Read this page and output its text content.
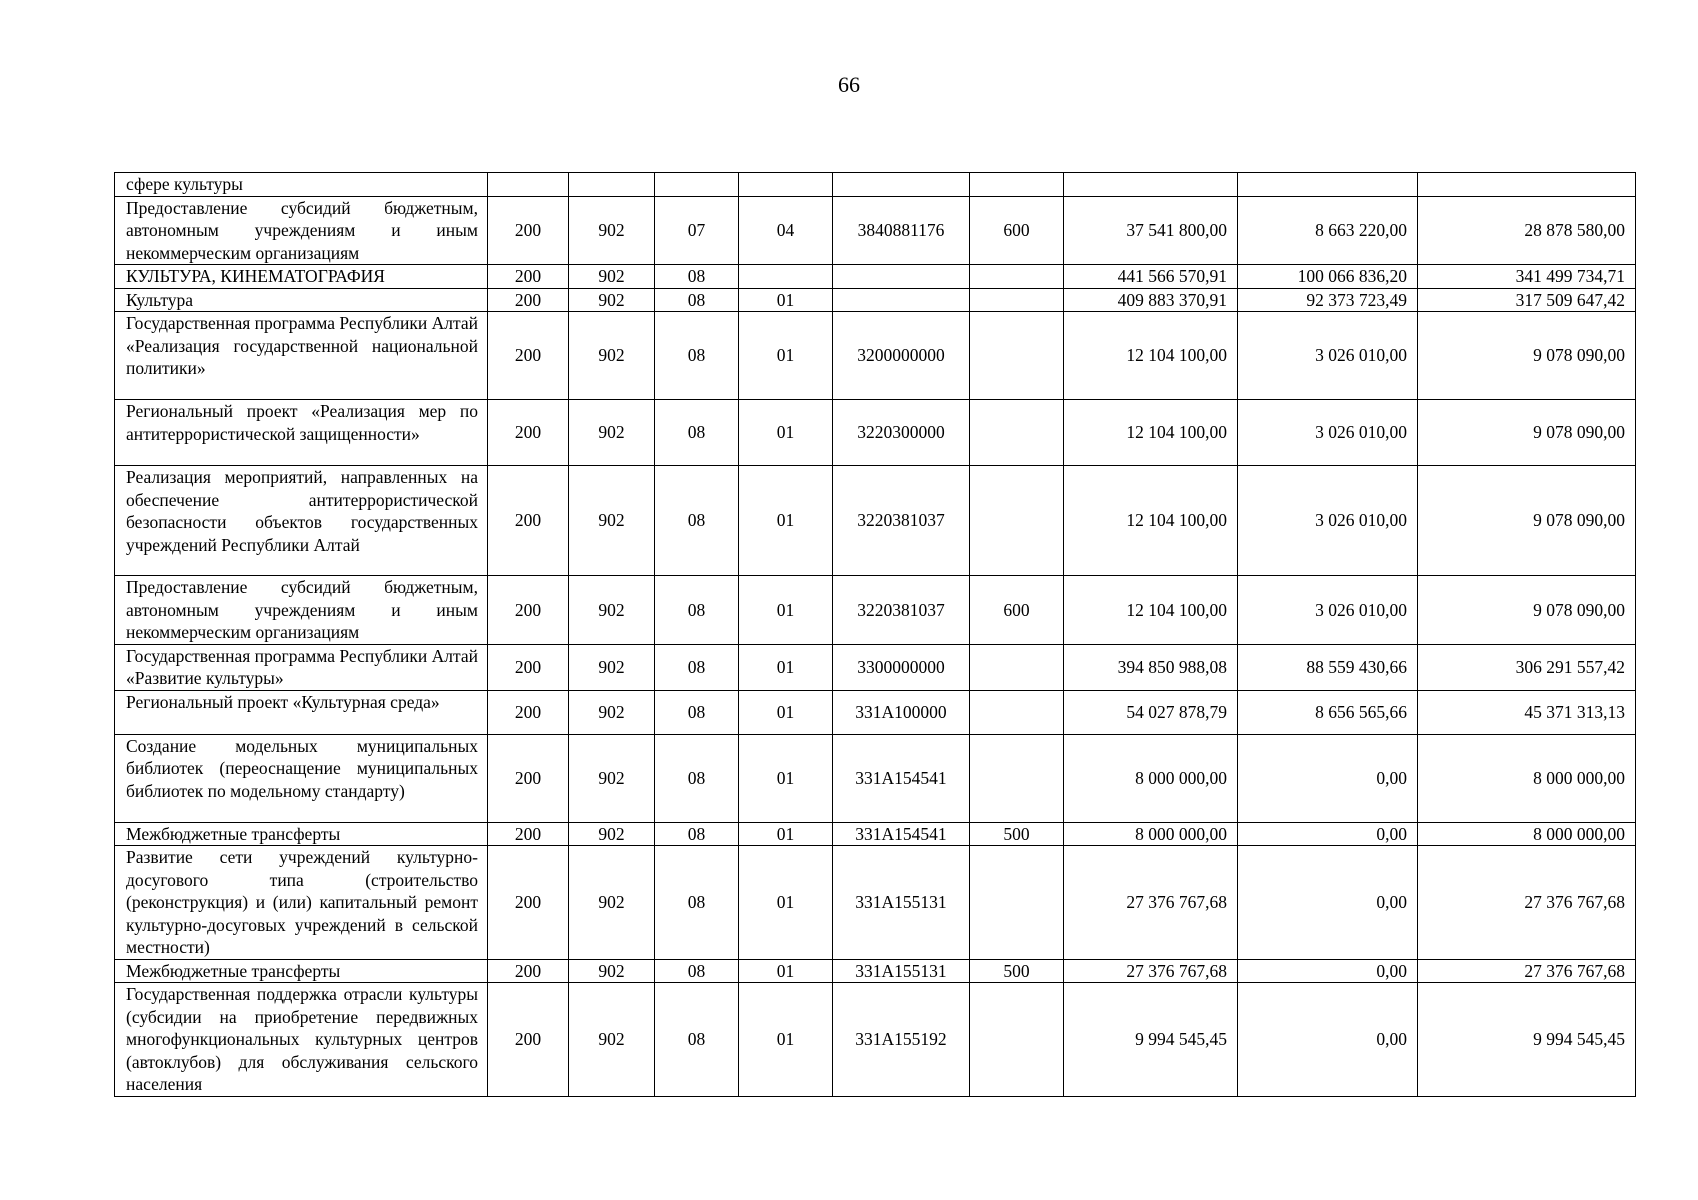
66
сфере культуры									
Предоставление субсидий бюджетным, автономным учреждениям и иным некоммерческим организациям	200	902	07	04	3840881176	600	37 541 800,00	8 663 220,00	28 878 580,00
КУЛЬТУРА, КИНЕМАТОГРАФИЯ	200	902	08				441 566 570,91	100 066 836,20	341 499 734,71
Культура	200	902	08	01			409 883 370,91	92 373 723,49	317 509 647,42
Государственная программа Республики Алтай «Реализация государственной национальной политики»	200	902	08	01	3200000000		12 104 100,00	3 026 010,00	9 078 090,00
Региональный проект «Реализация мер по антитеррористической защищенности»	200	902	08	01	3220300000		12 104 100,00	3 026 010,00	9 078 090,00
Реализация мероприятий, направленных на обеспечение антитеррористической безопасности объектов государственных учреждений Республики Алтай	200	902	08	01	3220381037		12 104 100,00	3 026 010,00	9 078 090,00
Предоставление субсидий бюджетным, автономным учреждениям и иным некоммерческим организациям	200	902	08	01	3220381037	600	12 104 100,00	3 026 010,00	9 078 090,00
Государственная программа Республики Алтай «Развитие культуры»	200	902	08	01	3300000000		394 850 988,08	88 559 430,66	306 291 557,42
Региональный проект «Культурная среда»	200	902	08	01	331А100000		54 027 878,79	8 656 565,66	45 371 313,13
Создание модельных муниципальных библиотек (переоснащение муниципальных библиотек по модельному стандарту)	200	902	08	01	331А154541		8 000 000,00	0,00	8 000 000,00
Межбюджетные трансферты	200	902	08	01	331А154541	500	8 000 000,00	0,00	8 000 000,00
Развитие сети учреждений культурно-досугового типа (строительство (реконструкция) и (или) капитальный ремонт культурно-досуговых учреждений в сельской местности)	200	902	08	01	331А155131		27 376 767,68	0,00	27 376 767,68
Межбюджетные трансферты	200	902	08	01	331А155131	500	27 376 767,68	0,00	27 376 767,68
Государственная поддержка отрасли культуры (субсидии на приобретение передвижных многофункциональных культурных центров (автоклубов) для обслуживания сельского населения	200	902	08	01	331А155192		9 994 545,45	0,00	9 994 545,45
